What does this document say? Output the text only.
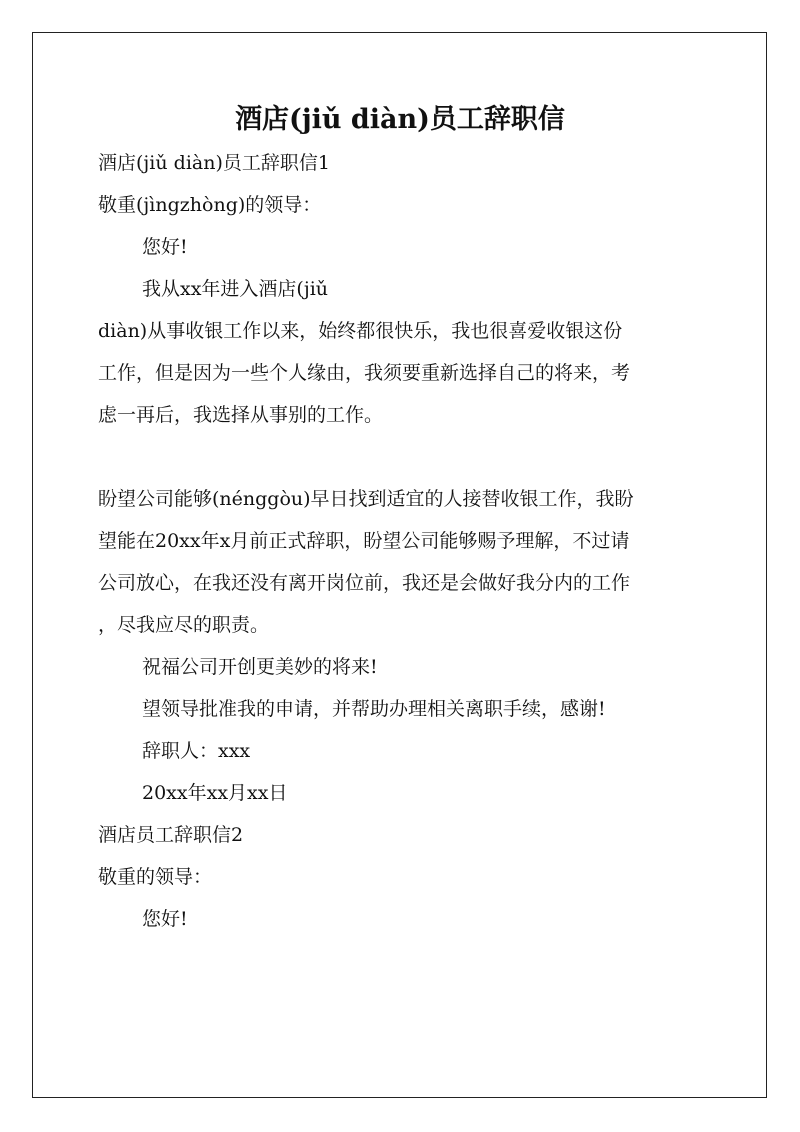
酒店(jiǔ diàn)员工辞职信
酒店(jiǔ diàn)员工辞职信1
敬重(jìngzhòng)的领导：
您好!
我从xx年进入酒店(jiǔ
diàn)从事收银工作以来，始终都很快乐，我也很喜爱收银这份
工作，但是因为一些个人缘由，我须要重新选择自己的将来，考
虑一再后，我选择从事别的工作。
盼望公司能够(nénggòu)早日找到适宜的人接替收银工作，我盼
望能在20xx年x月前正式辞职，盼望公司能够赐予理解，不过请
公司放心，在我还没有离开岗位前，我还是会做好我分内的工作
，尽我应尽的职责。
祝福公司开创更美妙的将来!
望领导批准我的申请，并帮助办理相关离职手续，感谢!
辞职人：xxx
20xx年xx月xx日
酒店员工辞职信2
敬重的领导：
您好!
